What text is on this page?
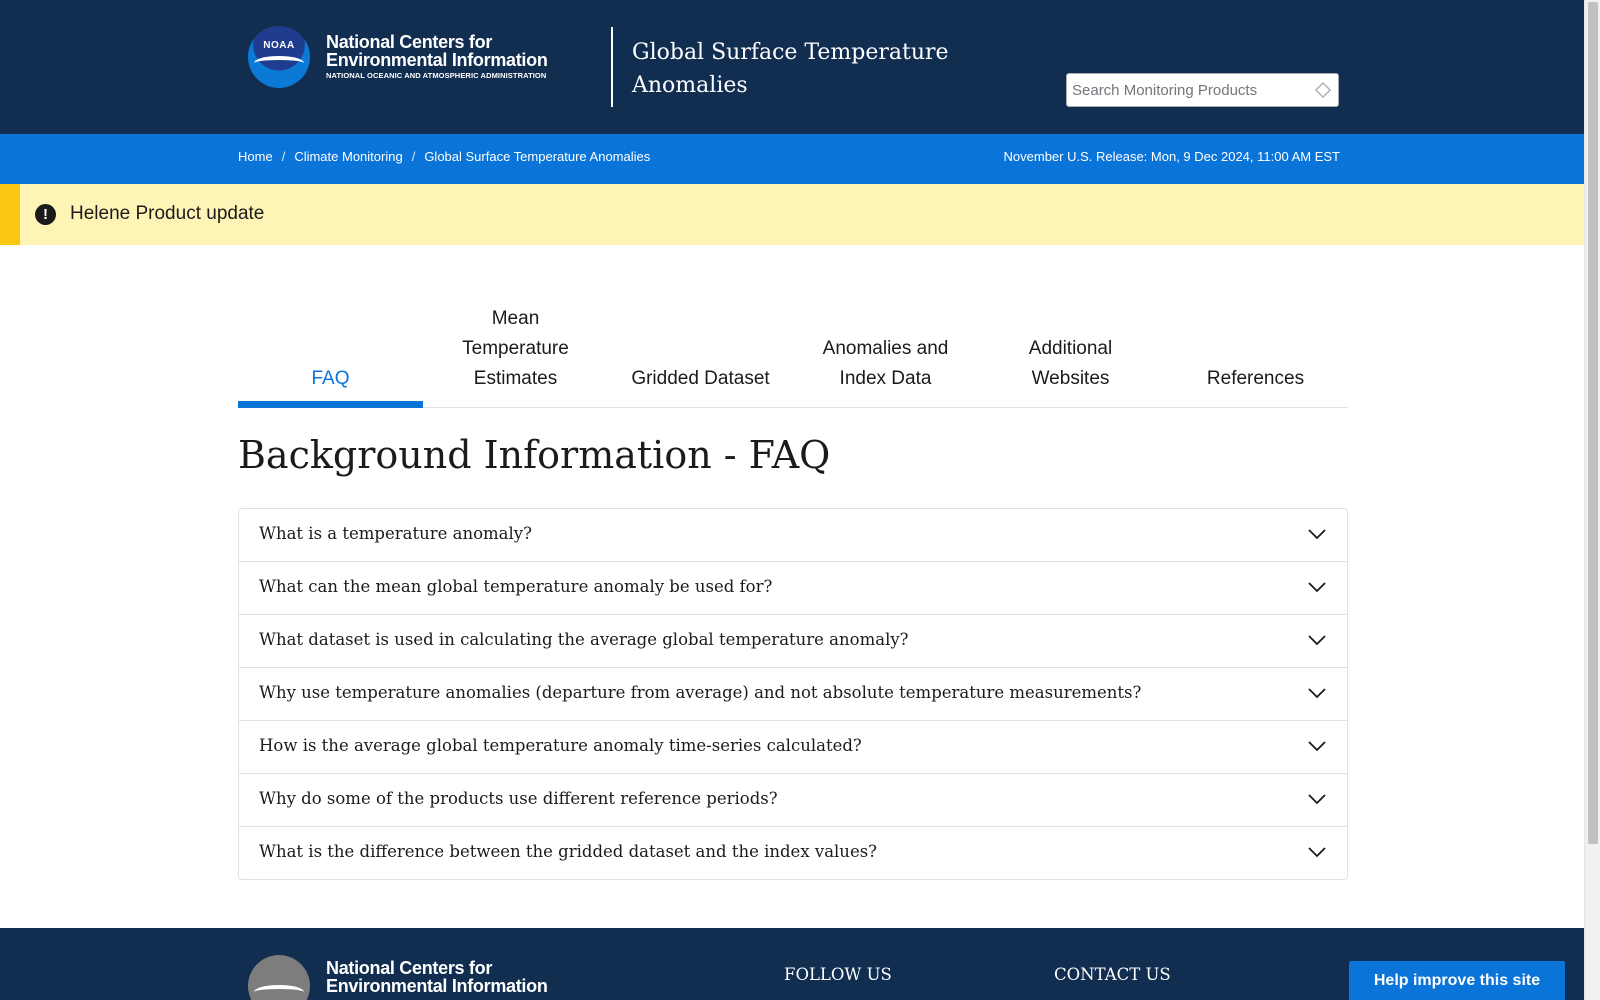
NOAA	National Centers for
Environmental Information
NATIONAL OCEANIC AND ATMOSPHERIC ADMINISTRATION
Global Surface Temperature Anomalies
Search Monitoring Products
Home / Climate Monitoring / Global Surface Temperature Anomalies	November U.S. Release: Mon, 9 Dec 2024, 11:00 AM EST
!	Helene Product update
FAQ
Mean Temperature Estimates	Gridded Dataset
Anomalies and Index Data
Additional Websites	References
Background Information - FAQ
What is a temperature anomaly?
What can the mean global temperature anomaly be used for?
What dataset is used in calculating the average global temperature anomaly?
Why use temperature anomalies (departure from average) and not absolute temperature measurements?
How is the average global temperature anomaly time-series calculated?
Why do some of the products use different reference periods?
What is the difference between the gridded dataset and the index values?
National Centers for
Environmental Information
FOLLOW US	CONTACT US	Help improve this site
